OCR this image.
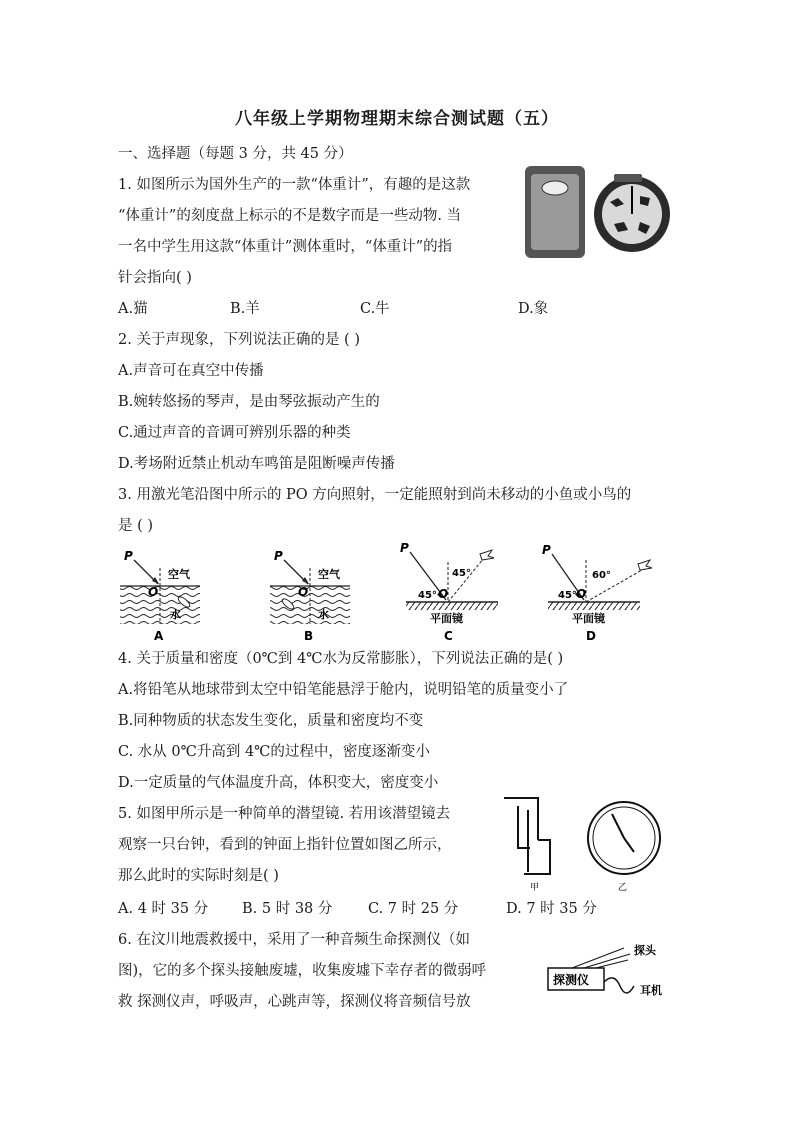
八年级上学期物理期末综合测试题（五）
一、选择题（每题 3 分，共 45 分）
1. 如图所示为国外生产的一款“体重计”，有趣的是这款
“体重计”的刻度盘上标示的不是数字而是一些动物. 当
一名中学生用这款“体重计”测体重时，“体重计”的指
针会指向( )
A.猫	B.羊	C.牛	D.象
2. 关于声现象，下列说法正确的是 ( )
A.声音可在真空中传播
B.婉转悠扬的琴声，是由琴弦振动产生的
C.通过声音的音调可辨别乐器的种类
D.考场附近禁止机动车鸣笛是阻断噪声传播
3. 用激光笔沿图中所示的 PO 方向照射，一定能照射到尚未移动的小鱼或小鸟的
是 ( )
P
O
空气
水
A
P
O
空气
水
B
P
O
45°
45°
平面镜
C
P
O
45°
60°
平面镜
D
4. 关于质量和密度（0℃到 4℃水为反常膨胀），下列说法正确的是( )
A.将铅笔从地球带到太空中铅笔能悬浮于舱内，说明铅笔的质量变小了
B.同种物质的状态发生变化，质量和密度均不变
C. 水从 0℃升高到 4℃的过程中，密度逐渐变小
D.一定质量的气体温度升高，体积变大，密度变小
5. 如图甲所示是一种简单的潜望镜. 若用该潜望镜去
观察一只台钟，看到的钟面上指针位置如图乙所示，
那么此时的实际时刻是( )
甲	乙
A. 4 时 35 分 B. 5 时 38 分 C. 7 时 25 分	D. 7 时 35 分
6. 在汶川地震救援中，采用了一种音频生命探测仪（如
图)，它的多个探头接触废墟，收集废墟下幸存者的微弱呼
救 探测仪声，呼吸声，心跳声等，探测仪将音频信号放
探测仪
探头
耳机
